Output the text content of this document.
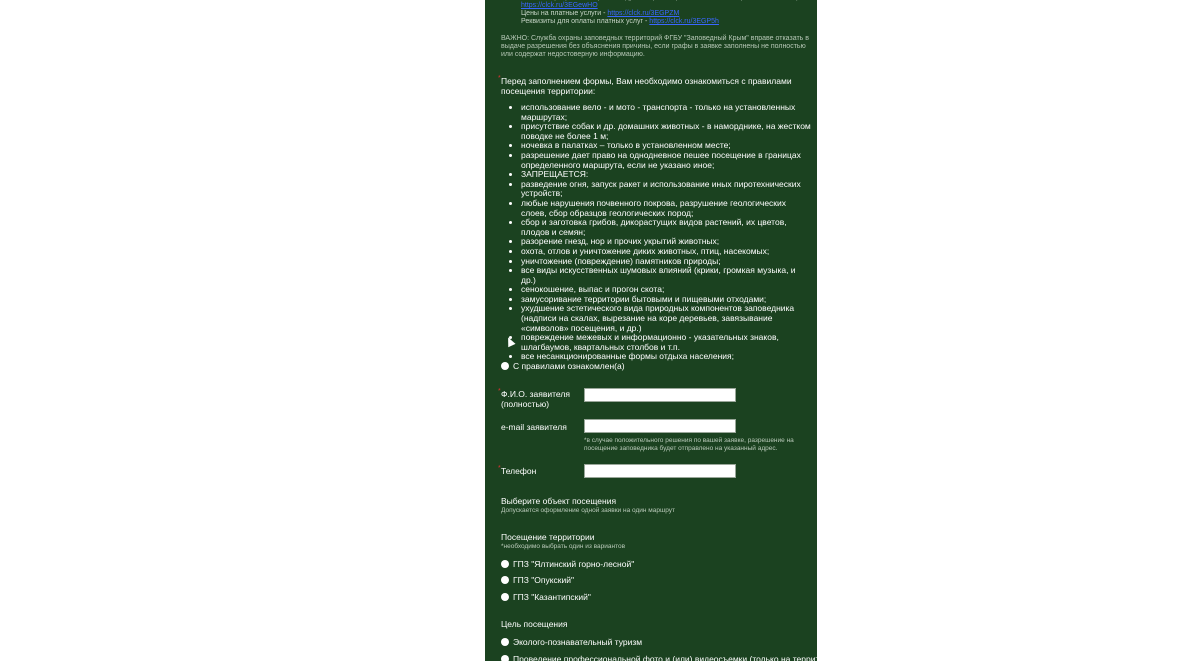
https://clck.ru/3EGewHO
Цены на платные услуги - https://clck.ru/3EGPZM
Реквизиты для оплаты платных услуг - https://clck.ru/3EGP5h
ВАЖНО: Служба охраны заповедных территорий ФГБУ "Заповедный Крым" вправе отказать в выдаче разрешения без объяснения причины, если графы в заявке заполнены не полностью или содержат недостоверную информацию.
* Перед заполнением формы, Вам необходимо ознакомиться с правилами посещения территории:
• использование вело - и мото - транспорта - только на установленных маршрутах;
• присутствие собак и др. домашних животных - в наморднике, на жестком поводке не более 1 м;
• ночевка в палатках – только в установленном месте;
• разрешение дает право на однодневное пешее посещение в границах определенного маршрута, если не указано иное;
• ЗАПРЕЩАЕТСЯ:
• разведение огня, запуск ракет и использование иных пиротехнических устройств;
• любые нарушения почвенного покрова, разрушение геологических слоев, сбор образцов геологических пород;
• сбор и заготовка грибов, дикорастущих видов растений, их цветов, плодов и семян;
• разорение гнезд, нор и прочих укрытий животных;
• охота, отлов и уничтожение диких животных, птиц, насекомых;
• уничтожение (повреждение) памятников природы;
• все виды искусственных шумовых влияний (крики, громкая музыка, и др.)
• сенокошение, выпас и прогон скота;
• замусоривание территории бытовыми и пищевыми отходами;
• ухудшение эстетического вида природных компонентов заповедника (надписи на скалах, вырезание на коре деревьев, завязывание «символов» посещения, и др.)
• повреждение межевых и информационно - указательных знаков, шлагбаумов, квартальных столбов и т.п.
• все несанкционированные формы отдыха населения;
С правилами ознакомлен(а)
* Ф.И.О. заявителя (полностью)
e-mail заявителя
*в случае положительного решения по вашей заявке, разрешение на посещение заповедника будет отправлено на указанный адрес.
* Телефон
Выберите объект посещения
Допускается оформление одной заявки на один маршрут
Посещение территории
*необходимо выбрать один из вариантов
ГПЗ "Ялтинский горно-лесной"
ГПЗ "Опукский"
ГПЗ "Казантипский"
Цель посещения
Эколого-познавательный туризм
Проведение профессиональной фото и (или) видеосъемки (только на территории
